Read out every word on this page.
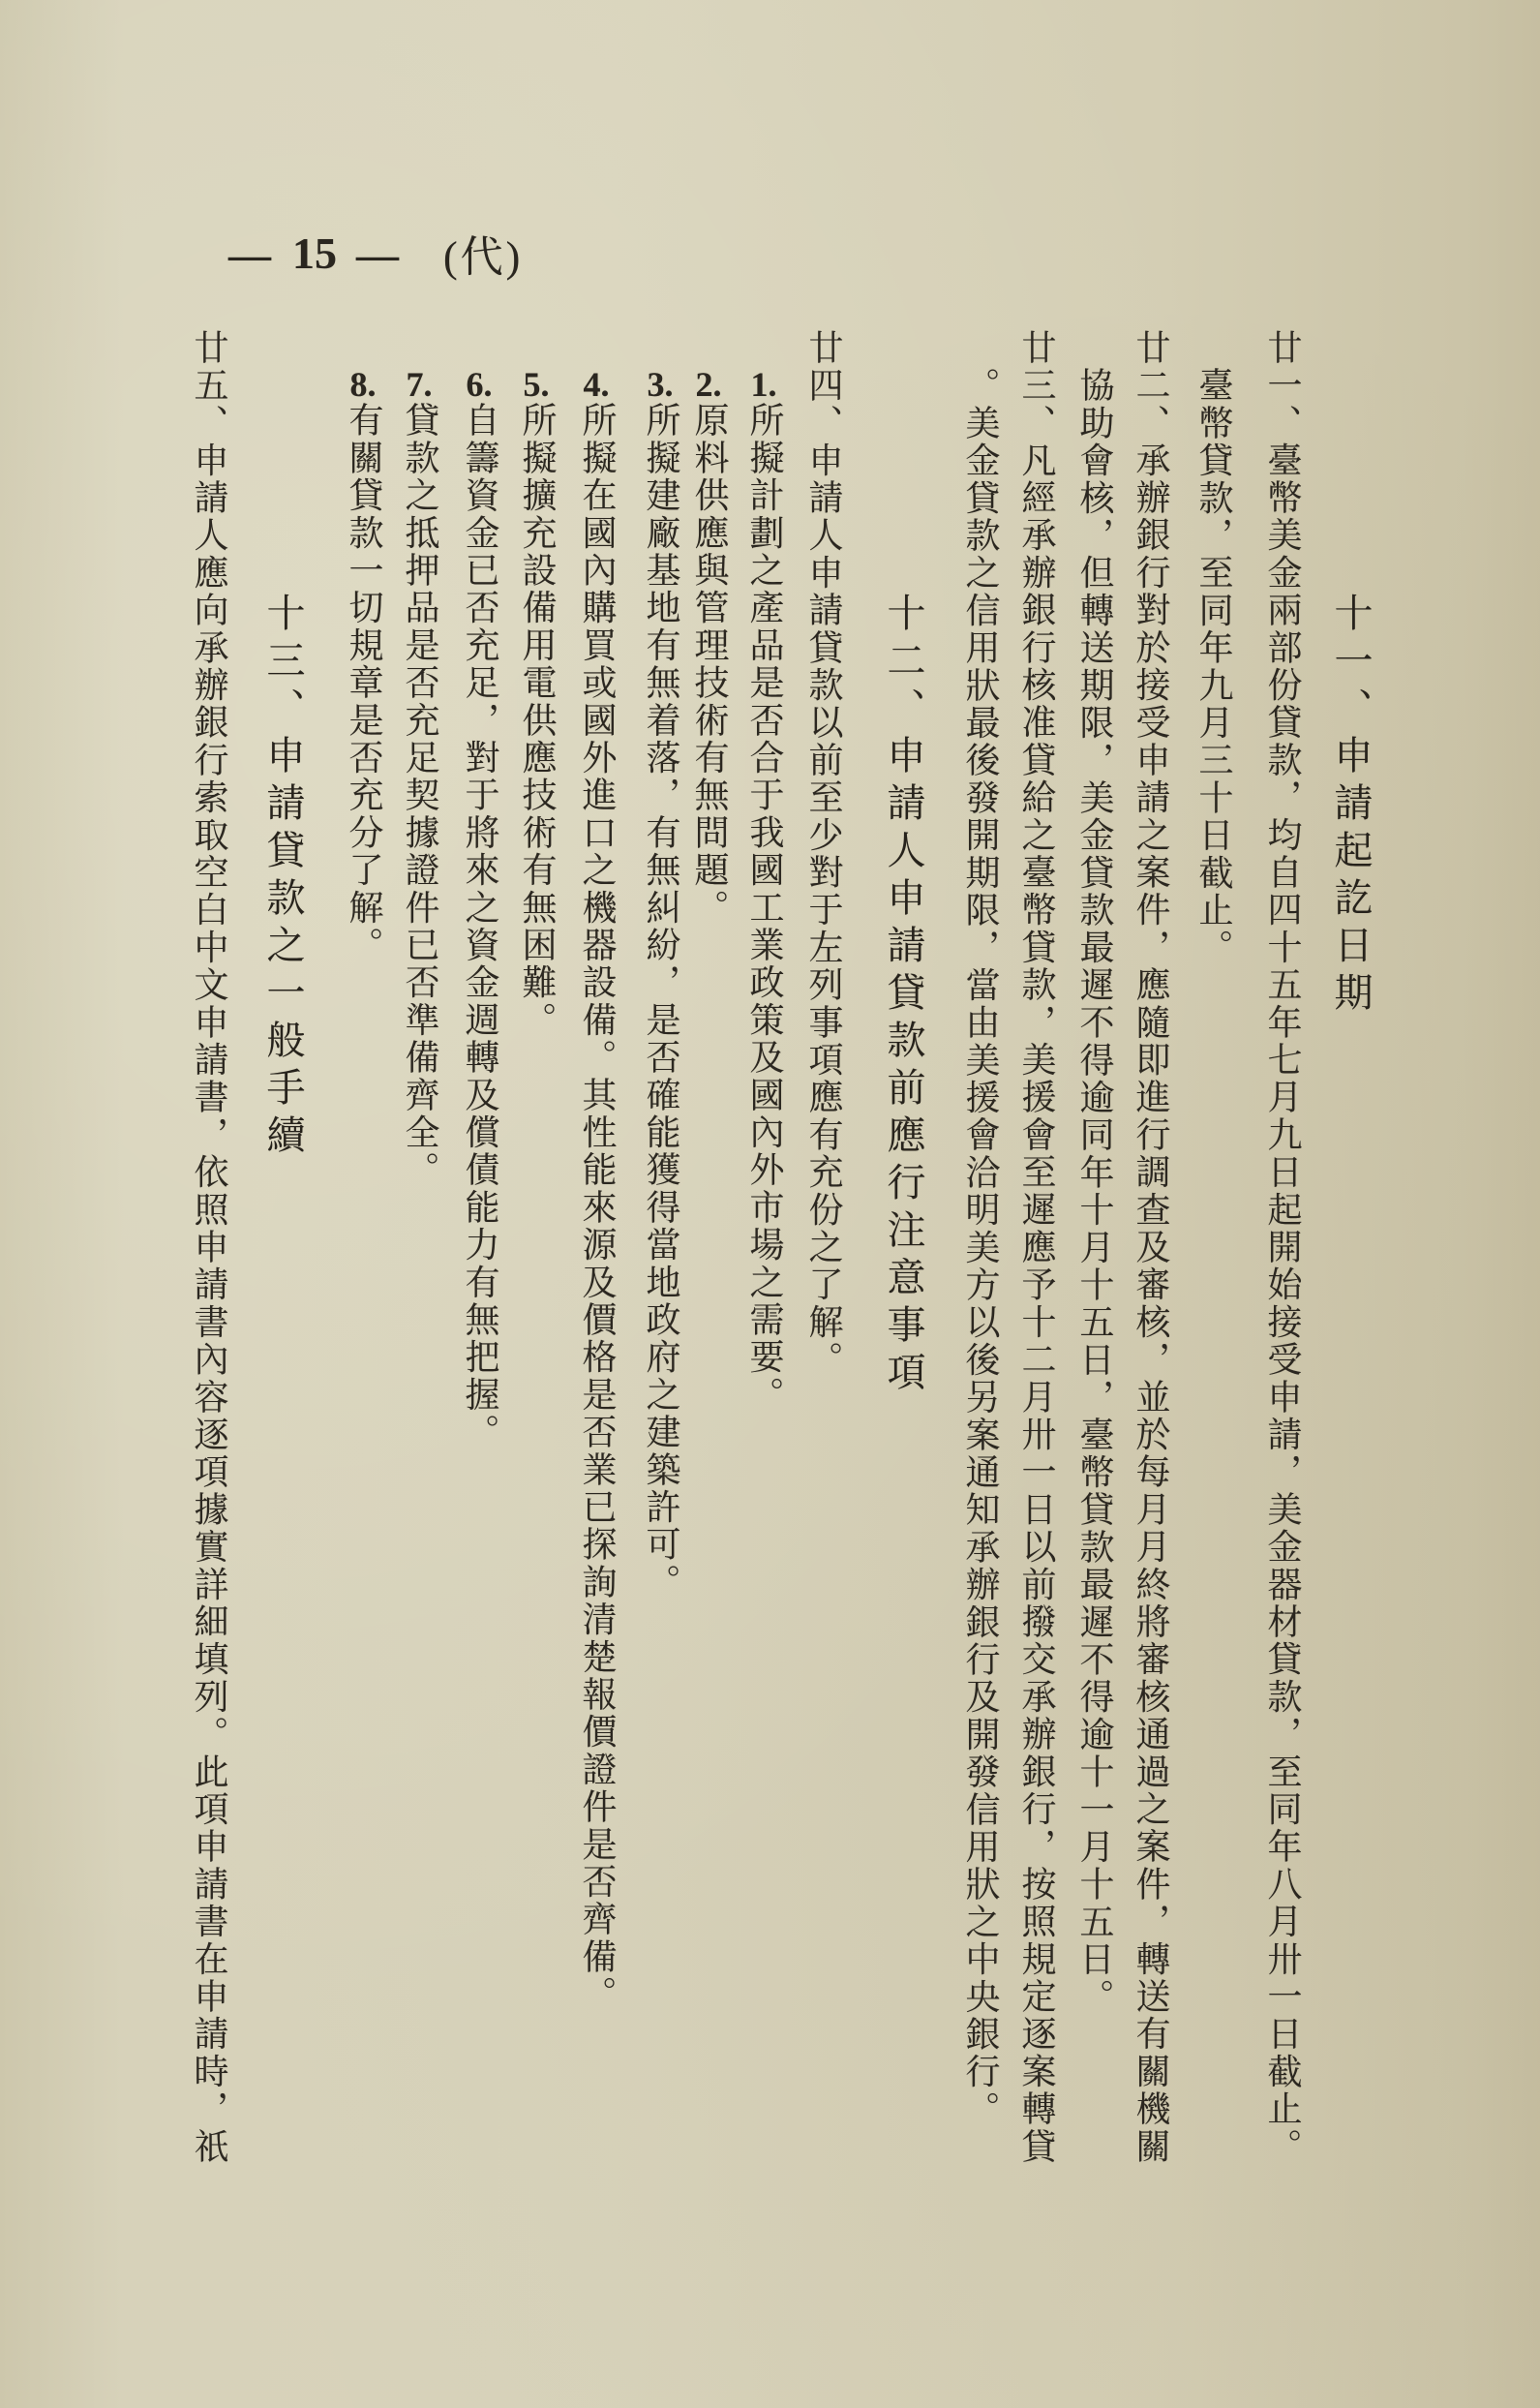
— 15 — (代)
十一、申請起訖日期
廿一、臺幣美金兩部份貸款，均自四十五年七月九日起開始接受申請，美金器材貸款，至同年八月卅一日截止。
臺幣貸款，至同年九月三十日截止。
廿二、承辦銀行對於接受申請之案件，應隨即進行調查及審核，並於每月月終將審核通過之案件，轉送有關機關
協助會核，但轉送期限，美金貸款最遲不得逾同年十月十五日，臺幣貸款最遲不得逾十一月十五日。
廿三、凡經承辦銀行核准貸給之臺幣貸款，美援會至遲應予十二月卅一日以前撥交承辦銀行，按照規定逐案轉貸
。美金貸款之信用狀最後發開期限，當由美援會洽明美方以後另案通知承辦銀行及開發信用狀之中央銀行。
十二、申請人申請貸款前應行注意事項
廿四、申請人申請貸款以前至少對于左列事項應有充份之了解。
1.所擬計劃之產品是否合于我國工業政策及國內外市場之需要。
2.原料供應與管理技術有無問題。
3.所擬建廠基地有無着落，有無糾紛，是否確能獲得當地政府之建築許可。
4.所擬在國內購買或國外進口之機器設備。其性能來源及價格是否業已探詢清楚報價證件是否齊備。
5.所擬擴充設備用電供應技術有無困難。
6.自籌資金已否充足，對于將來之資金週轉及償債能力有無把握。
7.貸款之抵押品是否充足契據證件已否準備齊全。
8.有關貸款一切規章是否充分了解。
十三、申請貸款之一般手續
廿五、申請人應向承辦銀行索取空白中文申請書，依照申請書內容逐項據實詳細填列。此項申請書在申請時，祇
